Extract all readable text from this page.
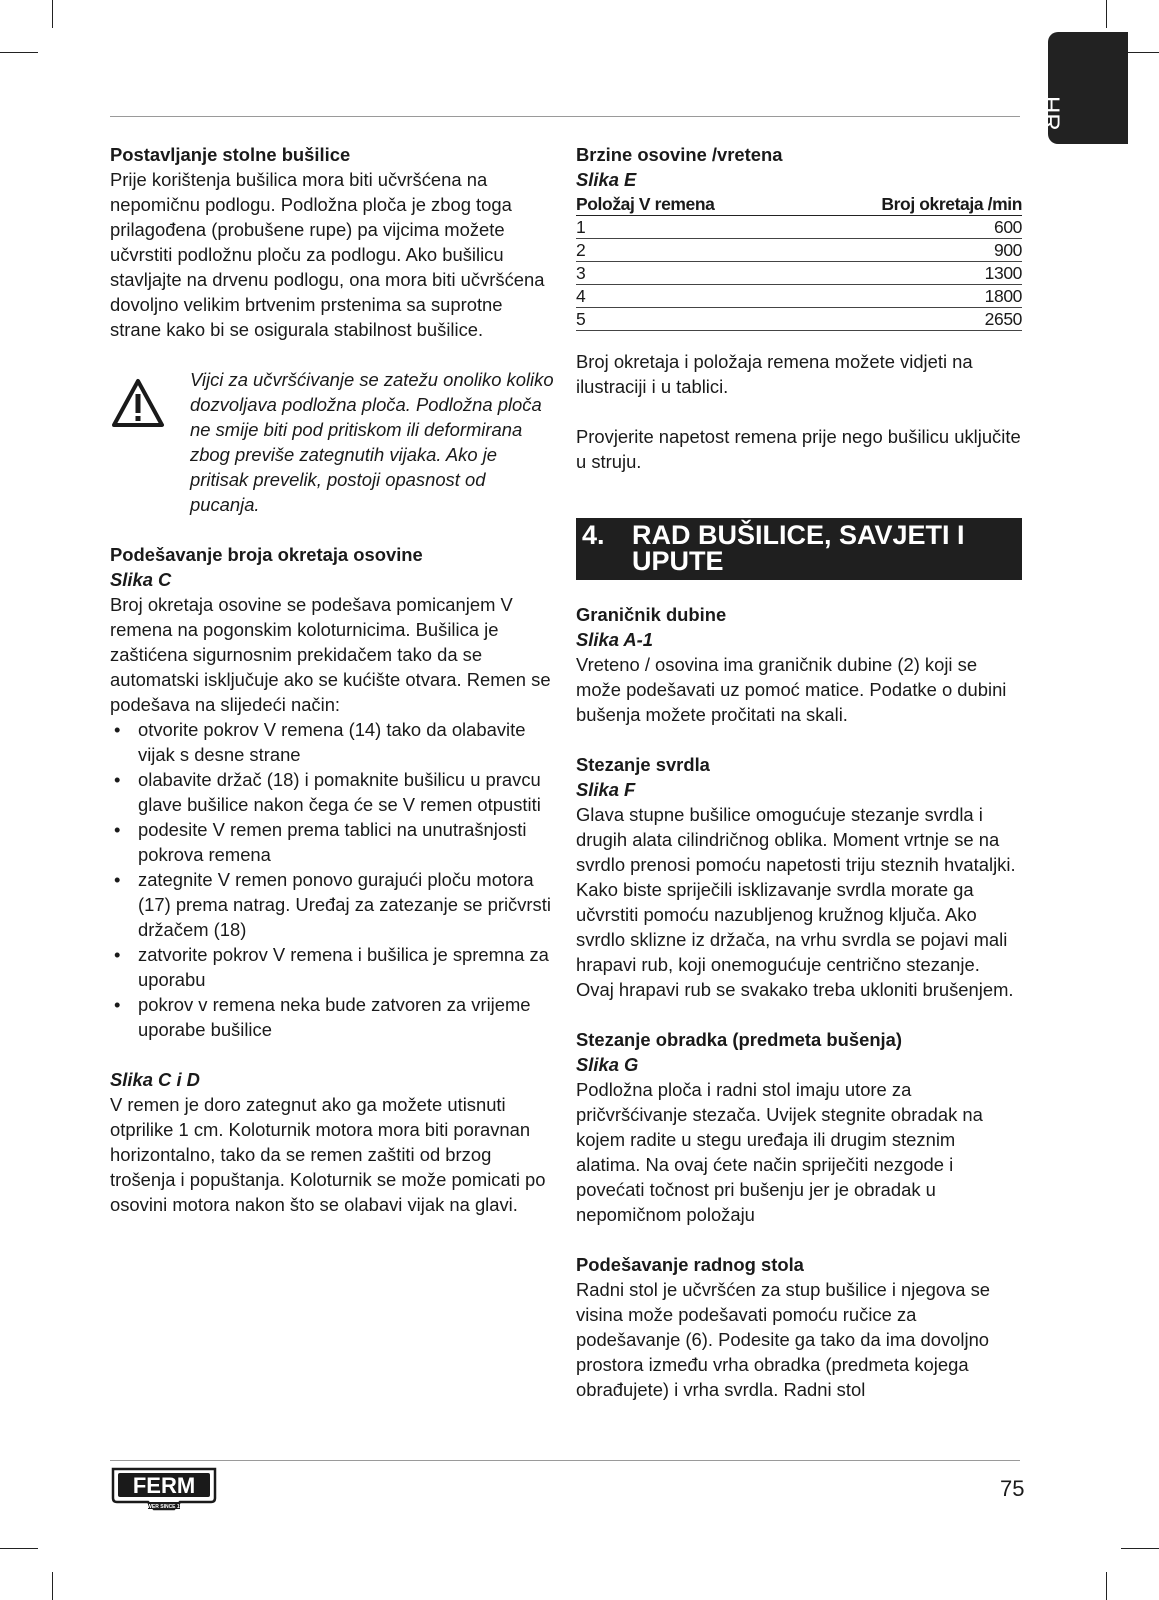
HR

Postavljanje stolne bušilice

Prije korištenja bušilica mora biti učvršćena na nepomičnu podlogu. Podložna ploča je zbog toga prilagođena (probušene rupe) pa vijcima možete učvrstiti podložnu ploču za podlogu. Ako bušilicu stavljajte na drvenu podlogu, ona mora biti učvršćena dovoljno velikim brtvenim prstenima sa suprotne strane kako bi se osigurala stabilnost bušilice.

Vijci za učvršćivanje se zatežu onoliko koliko dozvoljava podložna ploča. Podložna ploča ne smije biti pod pritiskom ili deformirana zbog previše zategnutih vijaka. Ako je pritisak prevelik, postoji opasnost od pucanja.

Podešavanje broja okretaja osovine

Slika C

Broj okretaja osovine se podešava pomicanjem V remena na pogonskim koloturnicima. Bušilica je zaštićena sigurnosnim prekidačem tako da se automatski isključuje ako se kućište otvara. Remen se podešava na slijedeći način:

• otvorite pokrov V remena (14) tako da olabavite vijak s desne strane
• olabavite držač (18) i pomaknite bušilicu u pravcu glave bušilice nakon čega će se V remen otpustiti
• podesite V remen prema tablici na unutrašnjosti pokrova remena
• zategnite V remen ponovo gurajući ploču motora (17) prema natrag. Uređaj za zatezanje se pričvrsti držačem (18)
• zatvorite pokrov V remena i bušilica je spremna za uporabu
• pokrov v remena neka bude zatvoren za vrijeme uporabe bušilice

Slika C i D

V remen je doro zategnut ako ga možete utisnuti otprilike 1 cm. Koloturnik motora mora biti poravnan horizontalno, tako da se remen zaštiti od brzog trošenja i popuštanja. Koloturnik se može pomicati po osovini motora nakon što se olabavi vijak na glavi.

Brzine osovine /vretena

Slika E

Položaj V remena	Broj okretaja /min
1	600
2	900
3	1300
4	1800
5	2650

Broj okretaja i položaja remena možete vidjeti na ilustraciji i u tablici.

Provjerite napetost remena prije nego bušilicu uključite u struju.

4.	RAD BUŠILICE, SAVJETI I UPUTE

Graničnik dubine

Slika A-1

Vreteno / osovina ima graničnik dubine (2) koji se može podešavati uz pomoć matice. Podatke o dubini bušenja možete pročitati na skali.

Stezanje svrdla

Slika F

Glava stupne bušilice omogućuje stezanje svrdla i drugih alata cilindričnog oblika. Moment vrtnje se na svrdlo prenosi pomoću napetosti triju steznih hvataljki. Kako biste spriječili isklizavanje svrdla morate ga učvrstiti pomoću nazubljenog kružnog ključa. Ako svrdlo sklizne iz držača, na vrhu svrdla se pojavi mali hrapavi rub, koji onemogućuje centrično stezanje. Ovaj hrapavi rub se svakako treba ukloniti brušenjem.

Stezanje obradka (predmeta bušenja)

Slika G

Podložna ploča i radni stol imaju utore za pričvršćivanje stezača. Uvijek stegnite obradak na kojem radite u stegu uređaja ili drugim steznim alatima. Na ovaj ćete način spriječiti nezgode i povećati točnost pri bušenju jer je obradak u nepomičnom položaju

Podešavanje radnog stola

Radni stol je učvršćen za stup bušilice i njegova se visina može podešavati pomoću ručice za podešavanje (6). Podesite ga tako da ima dovoljno prostora između vrha obradka (predmeta kojega obrađujete) i vrha svrdla. Radni stol

FERM
POWER SINCE 1965
75
